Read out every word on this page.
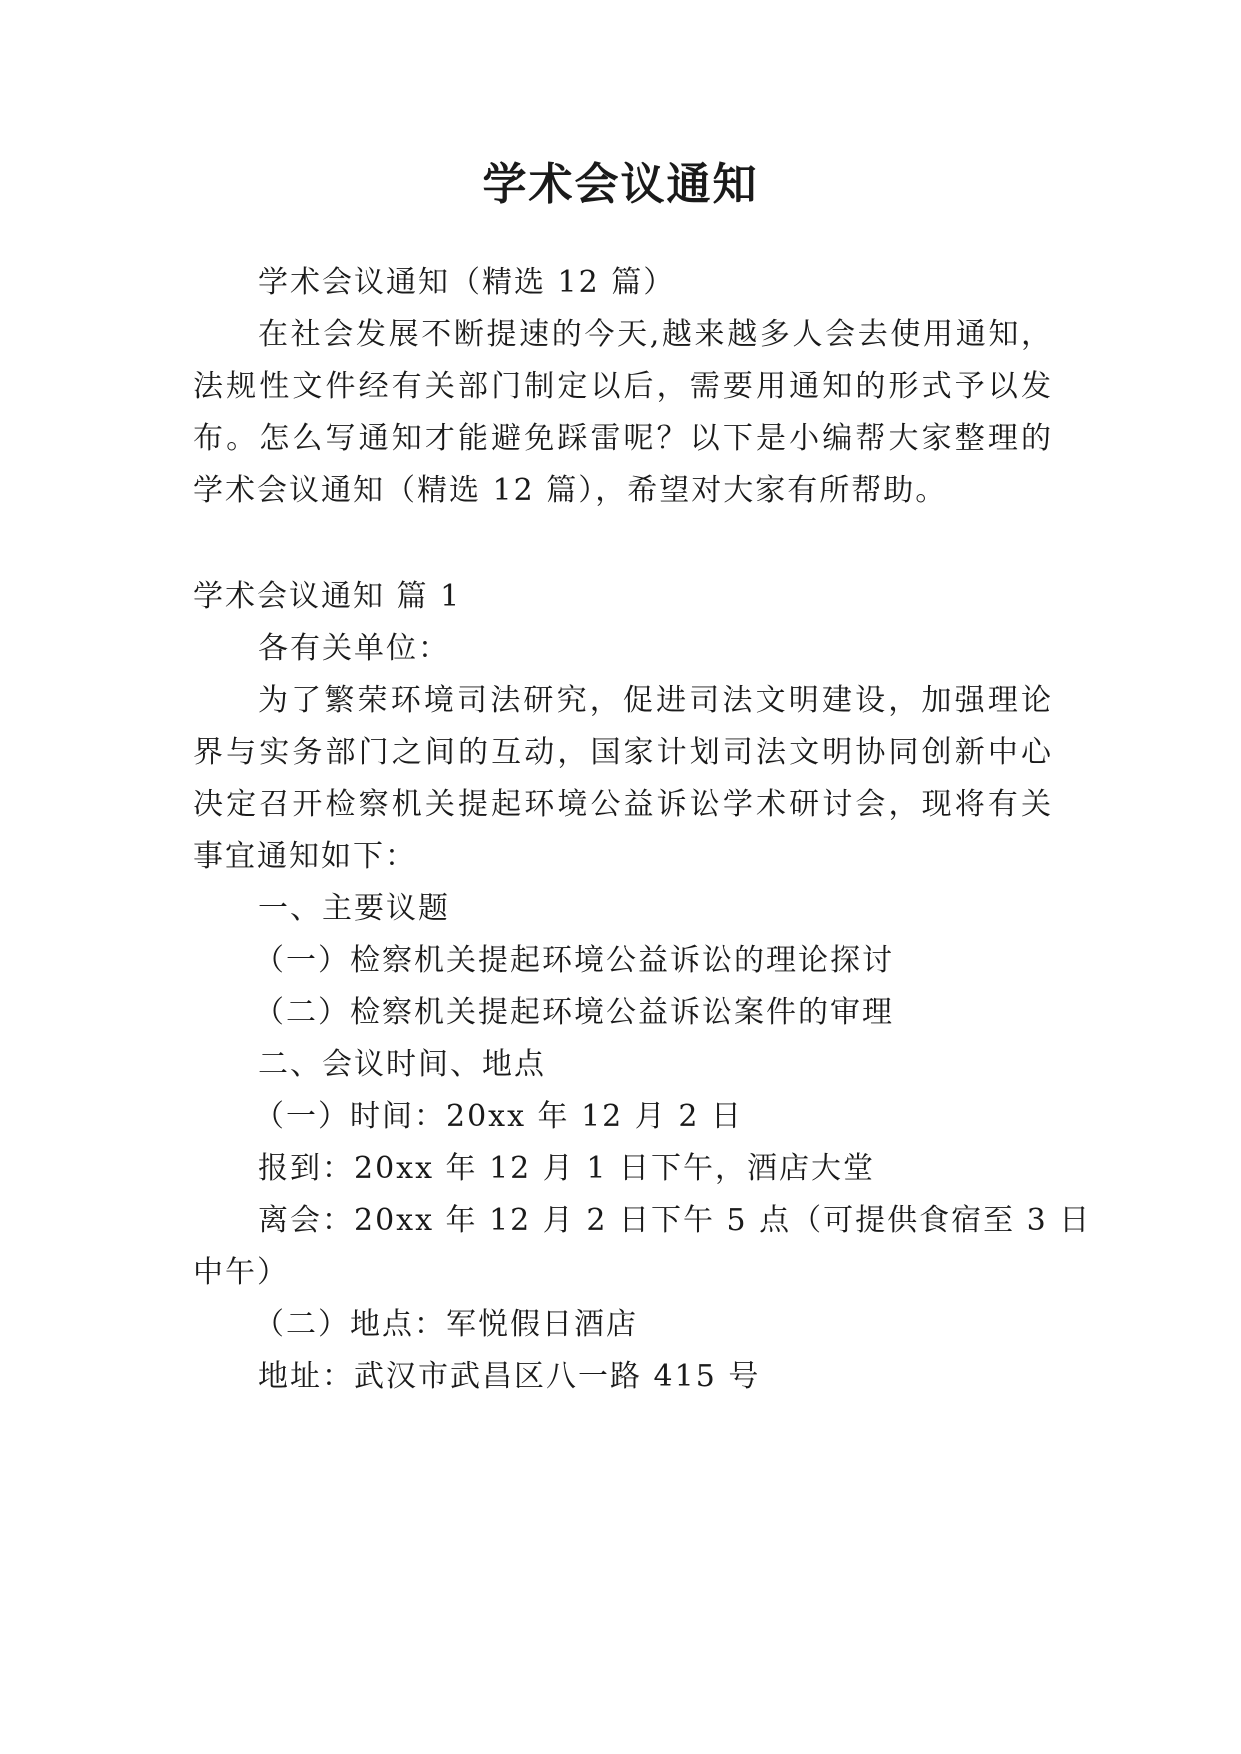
学术会议通知

学术会议通知（精选 12 篇）

在社会发展不断提速的今天,越来越多人会去使用通知，

法规性文件经有关部门制定以后，需要用通知的形式予以发

布。怎么写通知才能避免踩雷呢？以下是小编帮大家整理的

学术会议通知（精选 12 篇），希望对大家有所帮助。

学术会议通知 篇 1

各有关单位：

为了繁荣环境司法研究，促进司法文明建设，加强理论

界与实务部门之间的互动，国家计划司法文明协同创新中心

决定召开检察机关提起环境公益诉讼学术研讨会，现将有关

事宜通知如下：

一、主要议题

（一）检察机关提起环境公益诉讼的理论探讨

（二）检察机关提起环境公益诉讼案件的审理

二、会议时间、地点

（一）时间：20xx 年 12 月 2 日

报到：20xx 年 12 月 1 日下午，酒店大堂

离会：20xx 年 12 月 2 日下午 5 点（可提供食宿至 3 日

中午）

（二）地点：军悦假日酒店

地址：武汉市武昌区八一路 415 号
